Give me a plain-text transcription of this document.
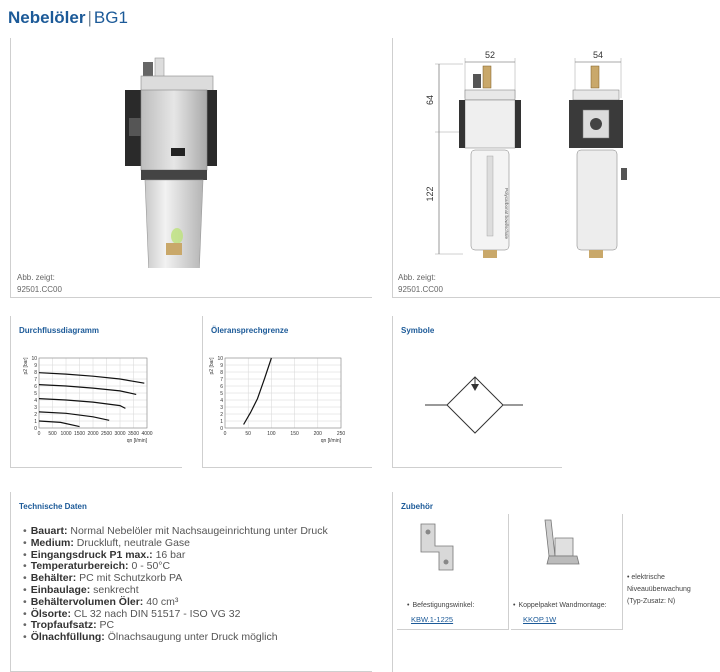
Nebelöler | BG1
Abb. zeigt:
92501.CC00
52	54
64
122	Polycarbonat bowl/schale
Abb. zeigt:
92501.CC00
Durchflussdiagramm
0 500 1000 1500 2000 2500 3000 3500 4000
0
1
2
3
4
5
6
7
8
9
10
qn [l/min]
p2 [bar]
Öleransprechgrenze
0	50	100	150	200	250
0
1
2
3
4
5
6
7
8
9
10
qn [l/min]
p2 [bar]
Symbole
Technische Daten
• Bauart: Normal Nebelöler mit Nachsaugeinrichtung unter Druck
• Medium: Druckluft, neutrale Gase
• Eingangsdruck P1 max.: 16 bar
• Temperaturbereich: 0 - 50°C
• Behälter: PC mit Schutzkorb PA
• Einbaulage: senkrecht
• Behältervolumen Öler: 40 cm³
• Ölsorte: CL 32 nach DIN 51517 - ISO VG 32
• Tropfaufsatz: PC
• Ölnachfüllung: Ölnachsaugung unter Druck möglich
Zubehör
• Befestigungswinkel:
KBW.1-1225
• Koppelpaket Wandmontage:
KKOP.1W
• elektrische
Niveauüberwachung
(Typ-Zusatz: N)
